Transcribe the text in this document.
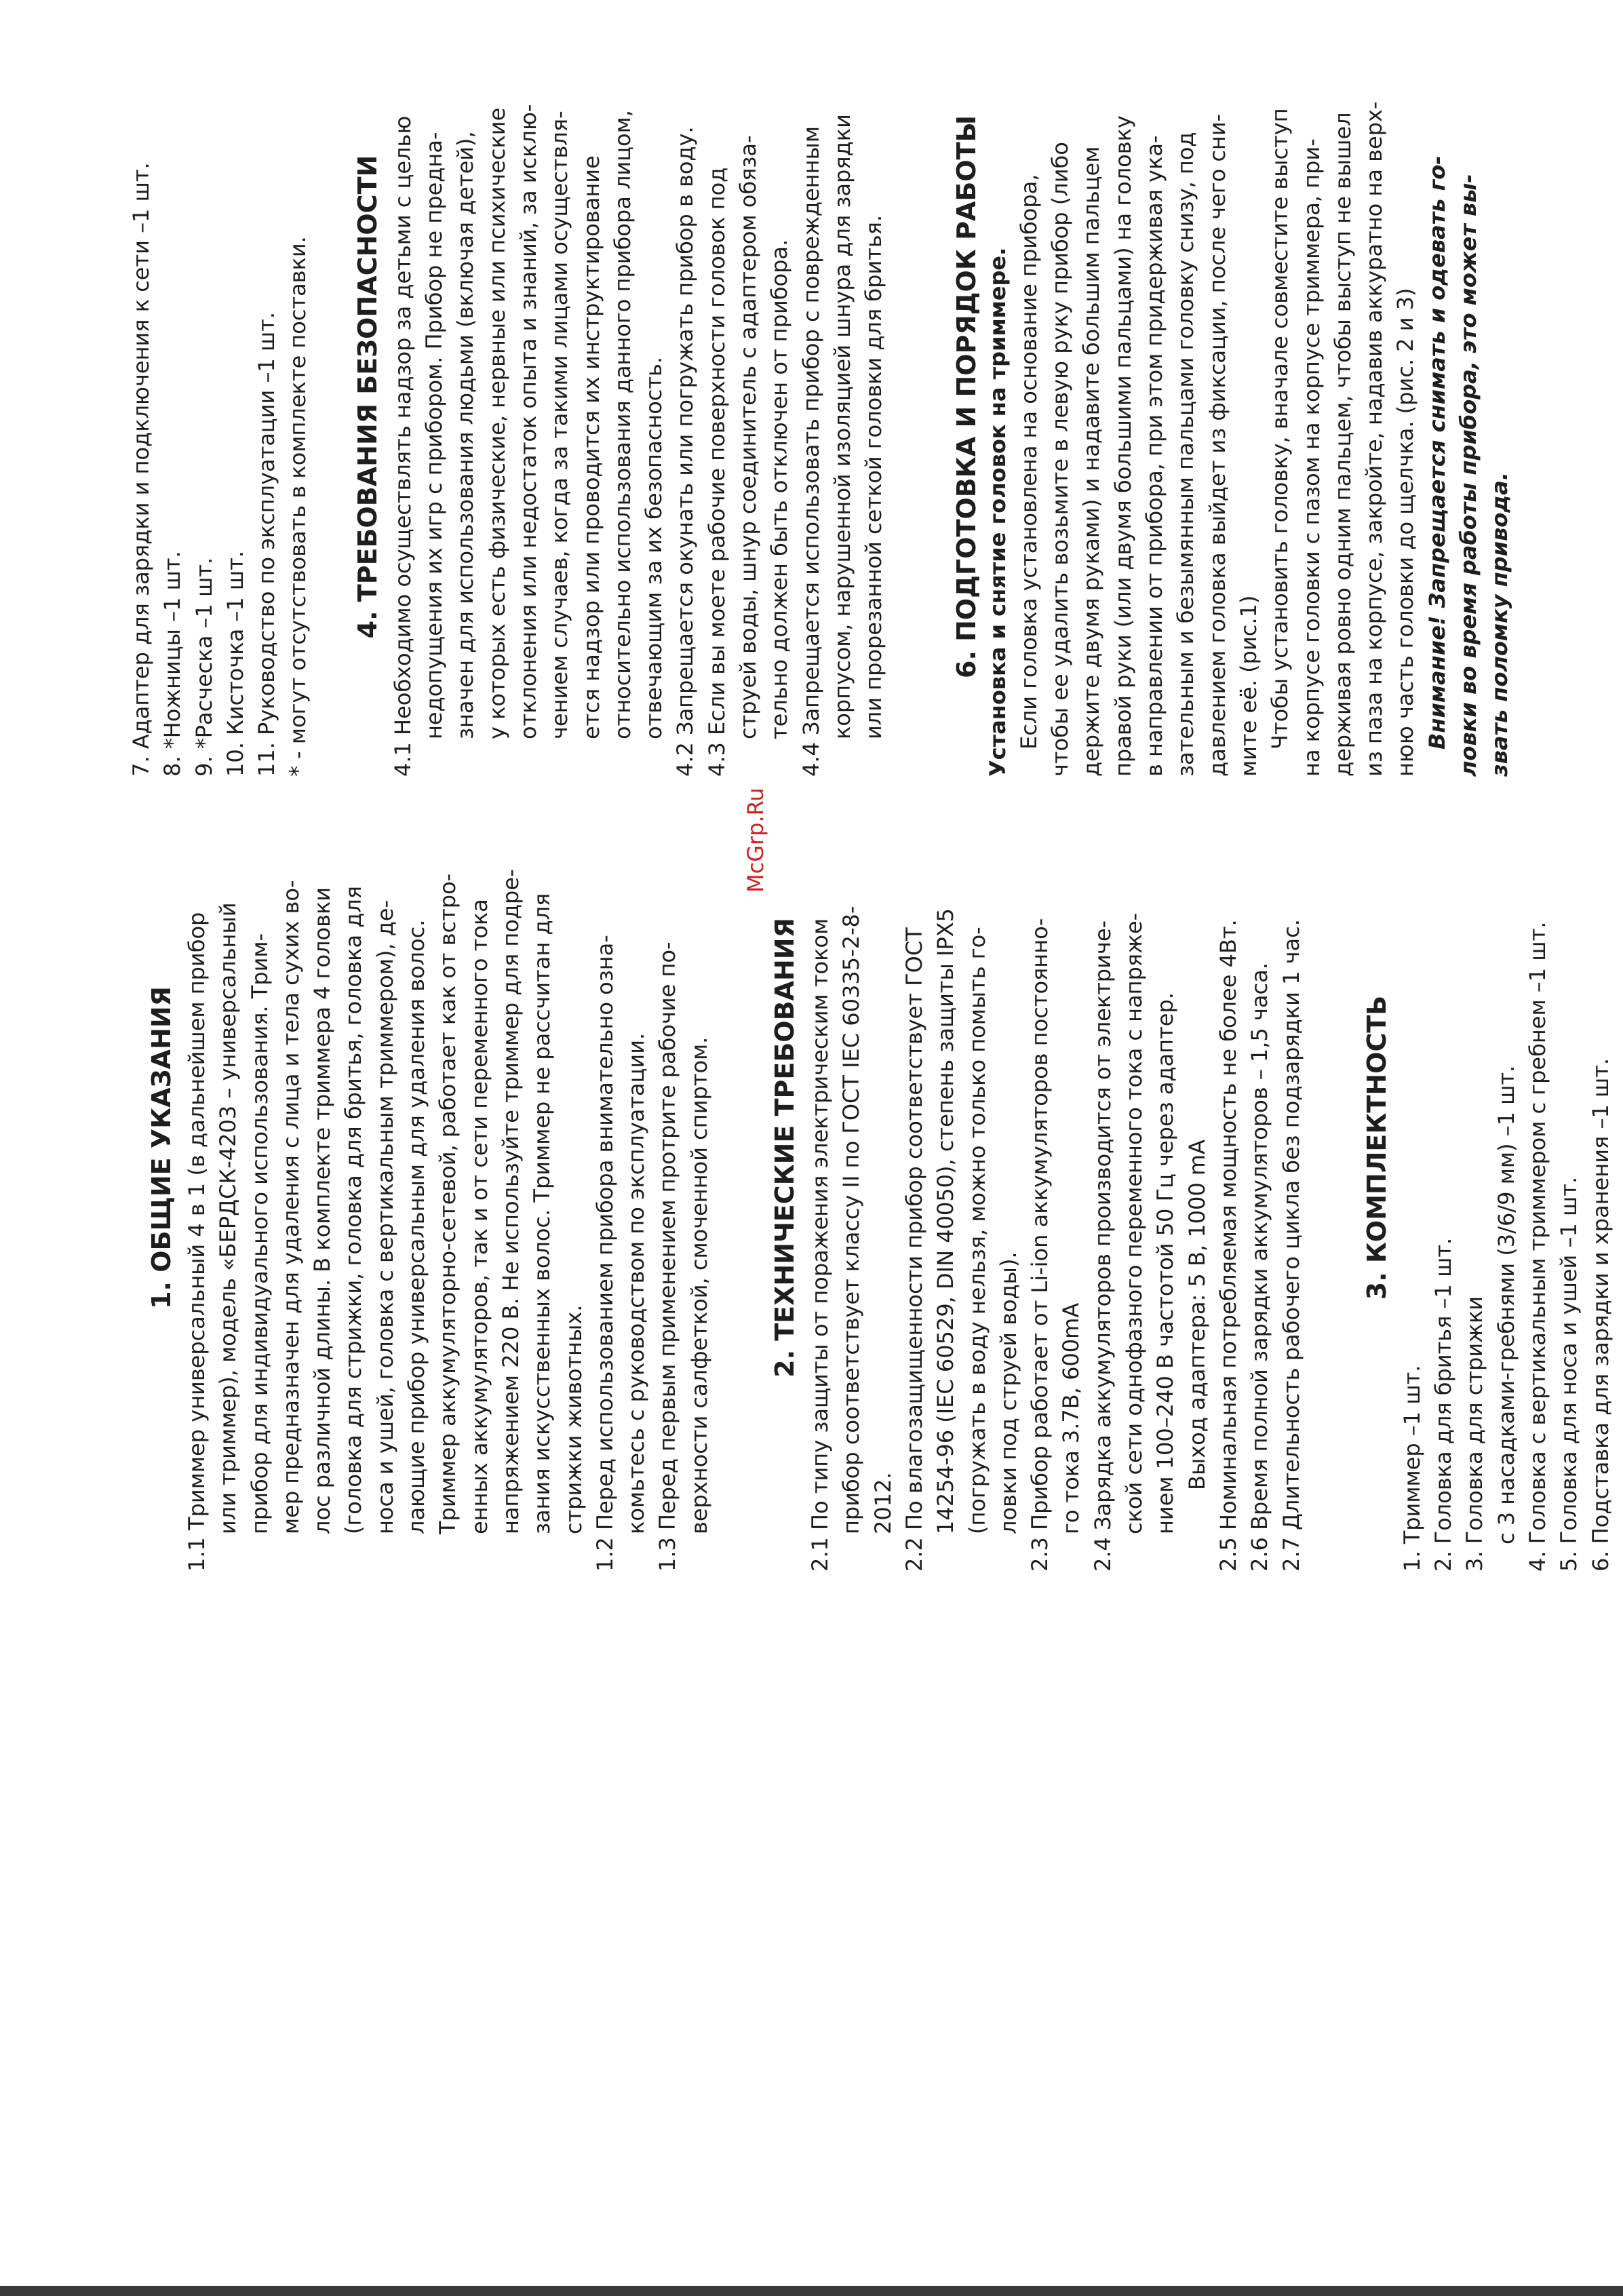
1. ОБЩИЕ УКАЗАНИЯ 1.1 Триммер универсальный 4 в 1 (в дальнейшем прибор или триммер), модель «БЕРДСК-4203 – универсальный прибор для индивидуального использования. Трим- мер предназначен для удаления с лица и тела сухих во- лос различной длины. В комплекте триммера 4 головки (головка для стрижки, головка для бритья, головка для носа и ушей, головка с вертикальным триммером), де- лающие прибор универсальным для удаления волос. Триммер аккумуляторно-сетевой, работает как от встро- енных аккумуляторов, так и от сети переменного тока напряжением 220 В. Не используйте триммер для подре- зания искусственных волос. Триммер не рассчитан для стрижки животных. 1.2 Перед использованием прибора внимательно озна- комьтесь с руководством по эксплуатации. 1.3 Перед первым применением протрите рабочие по- верхности салфеткой, смоченной спиртом. 2. ТЕХНИЧЕСКИЕ ТРЕБОВАНИЯ 2.1 По типу защиты от поражения электрическим током прибор соответствует классу II по ГОСТ IEC 60335-2-8- 2012. 2.2 По влагозащищенности прибор соответствует ГОСТ 14254-96 (IEC 60529, DIN 40050), степень защиты IPX5 (погружать в воду нельзя, можно только помыть го- ловки под струей воды). 2.3 Прибор работает от Li-ion аккумуляторов постоянно- го тока 3.7В, 600mA 2.4 Зарядка аккумуляторов производится от электриче- ской сети однофазного переменного тока с напряже- нием 100–240 В частотой 50 Гц через адаптер. Выход адаптера: 5 В, 1000 mA 2.5 Номинальная потребляемая мощность не более 4Вт. 2.6 Время полной зарядки аккумуляторов – 1,5 часа. 2.7 Длительность рабочего цикла без подзарядки 1 час. 3. КОМПЛЕКТНОСТЬ

1. Триммер –1 шт. 2. Головка для бритья –1 шт. 3. Головка для стрижки с 3 насадками-гребнями (3/6/9 мм) –1 шт. 4. Головка с вертикальным триммером с гребнем –1 шт. 5. Головка для носа и ушей –1 шт. 6. Подставка для зарядки и хранения –1 шт.

7. Адаптер для зарядки и подключения к сети –1 шт. 8. *Ножницы –1 шт. 9. *Расческа –1 шт. 10. Кисточка –1 шт. 11. Руководство по эксплуатации –1 шт. * - могут отсутствовать в комплекте поставки. 4. ТРЕБОВАНИЯ БЕЗОПАСНОСТИ 4.1 Необходимо осуществлять надзор за детьми с целью недопущения их игр с прибором. Прибор не предна- значен для использования людьми (включая детей), у которых есть физические, нервные или психические отклонения или недостаток опыта и знаний, за исклю- чением случаев, когда за такими лицами осуществля- ется надзор или проводится их инструктирование относительно использования данного прибора лицом, отвечающим за их безопасность. 4.2 Запрещается окунать или погружать прибор в воду. 4.3 Если вы моете рабочие поверхности головок под струей воды, шнур соединитель с адаптером обяза- тельно должен быть отключен от прибора. 4.4 Запрещается использовать прибор с поврежденным корпусом, нарушенной изоляцией шнура для зарядки или прорезанной сеткой головки для бритья.	6. ПОДГОТОВКА И ПОРЯДОК РАБОТЫ Установка и снятие головок на триммере. Если головка установлена на основание прибора, чтобы ее удалить возьмите в левую руку прибор (либо держите двумя руками) и надавите большим пальцем правой руки (или двумя большими пальцами) на головку в направлении от прибора, при этом придерживая ука- зательным и безымянным пальцами головку снизу, под давлением головка выйдет из фиксации, после чего сни- мите её. (рис.1) Чтобы установить головку, вначале совместите выступ на корпусе головки с пазом на корпусе триммера, при- держивая ровно одним пальцем, чтобы выступ не вышел из паза на корпусе, закройте, надавив аккуратно на верх- нюю часть головки до щелчка. (рис. 2 и 3) Внимание! Запрещается снимать и одевать го- ловки во время работы прибора, это может вы- звать поломку привода.

McGrp.Ru
